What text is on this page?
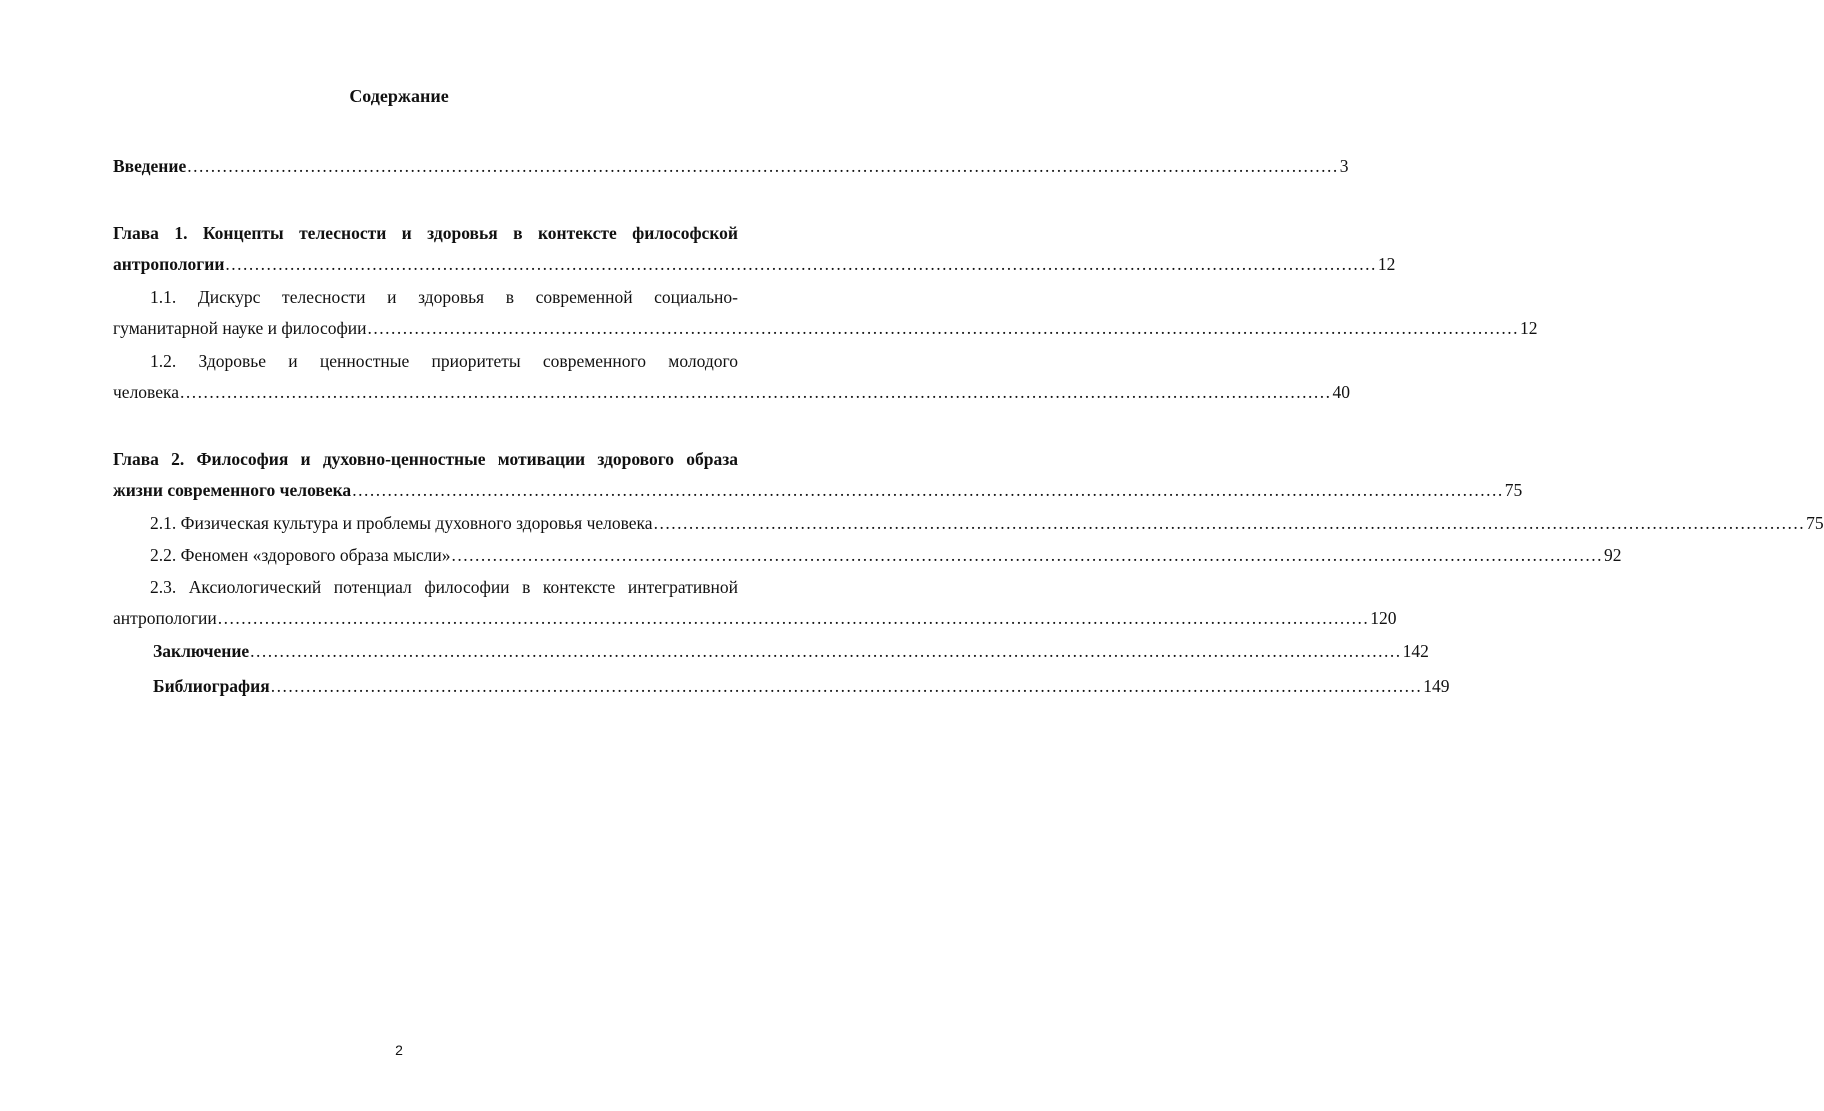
Содержание
Введение .................................................................................................................................................................................................... 3
Глава 1. Концепты телесности и здоровья в контексте философской
антропологии .................................................................................................................................................................................................... 12
1.1. Дискурс телесности и здоровья в современной социально-
гуманитарной науке и философии .................................................................................................................................................................................................... 12
1.2. Здоровье и ценностные приоритеты современного молодого
человека .................................................................................................................................................................................................... 40
Глава 2. Философия и духовно-ценностные мотивации здорового образа
жизни современного человека .................................................................................................................................................................................................... 75
2.1. Физическая культура и проблемы духовного здоровья человека .................................................................................................................................................................................................... 75
2.2. Феномен «здорового образа мысли» .................................................................................................................................................................................................... 92
2.3. Аксиологический потенциал философии в контексте интегративной
антропологии .................................................................................................................................................................................................... 120
Заключение .................................................................................................................................................................................................... 142
Библиография .................................................................................................................................................................................................... 149
2
